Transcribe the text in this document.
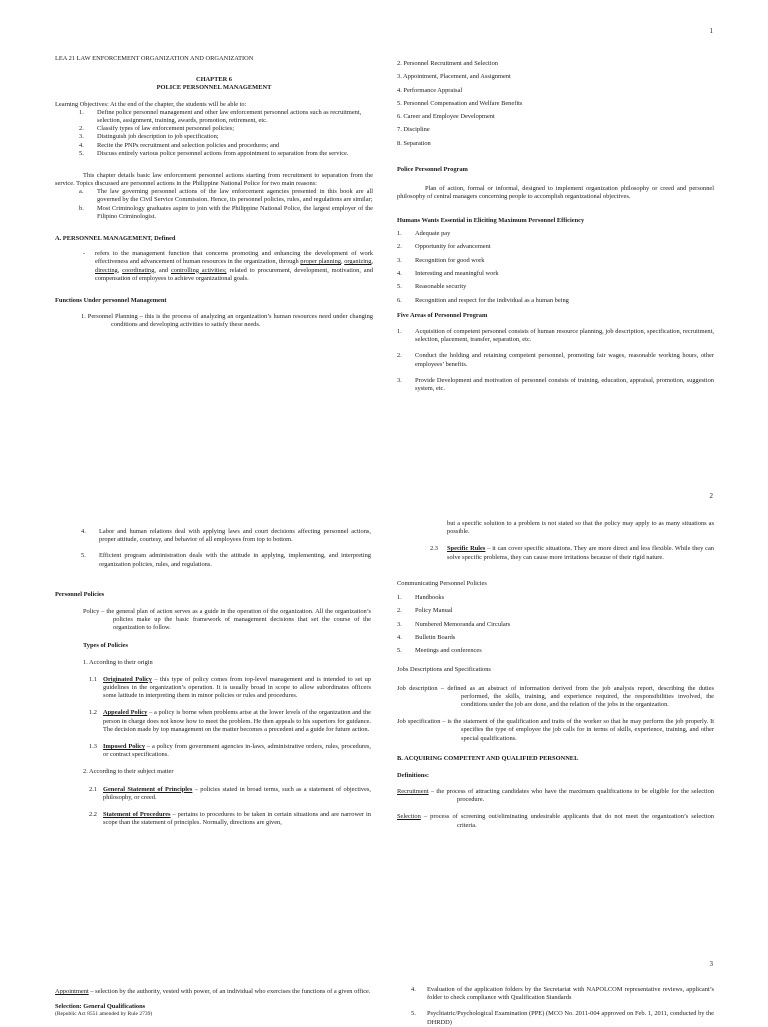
1

LEA 21 LAW ENFORCEMENT ORGANIZATION AND ORGANIZATION

CHAPTER 6

POLICE PERSONNEL MANAGEMENT

Learning Objectives: At the end of the chapter, the students will be able to:

1. Define police personnel management and other law enforcement personnel actions such as recruitment, selection, assignment, training, awards, promotion, retirement, etc.
2. Classify types of law enforcement personnel policies;
3. Distinguish job description to job specification;
4. Recite the PNPs recruitment and selection policies and procedures; and
5. Discuss entirely various police personnel actions from appointment to separation from the service.

This chapter details basic law enforcement personnel actions starting from recruitment to separation from the service. Topics discussed are personnel actions in the Philippine National Police for two main reasons:

a. The law governing personnel actions of the law enforcement agencies presented in this book are all governed by the Civil Service Commission. Hence, its personnel policies, rules, and regulations are similar;
b. Most Criminology graduates aspire to join with the Philippine National Police, the largest employer of the Filipino Criminologist.

A. PERSONNEL MANAGEMENT, Defined

- refers to the management function that concerns promoting and enhancing the development of work effectiveness and advancement of human resources in the organization, through proper planning, organizing, directing, coordinating, and controlling activities; related to procurement, development, motivation, and compensation of employees to achieve organizational goals.

Functions Under personnel Management

1. Personnel Planning – this is the process of analyzing an organization’s human resources need under changing conditions and developing activities to satisfy these needs.

2. Personnel Recruitment and Selection

3. Appointment, Placement, and Assignment

4. Performance Appraisal

5. Personnel Compensation and Welfare Benefits

6. Career and Employee Development

7. Discipline

8. Separation

Police Personnel Program

Plan of action, formal or informal, designed to implement organization philosophy or creed and personnel philosophy of central managers concerning people to accomplish organizational objectives.

Humans Wants Essential in Eliciting Maximum Personnel Efficiency

1. Adequate pay
2. Opportunity for advancement
3. Recognition for good work
4. Interesting and meaningful work
5. Reasonable security
6. Recognition and respect for the individual as a human being

Five Areas of Personnel Program

1. Acquisition of competent personnel consists of human resource planning, job description, specification, recruitment, selection, placement, transfer, separation, etc.
2. Conduct the holding and retaining competent personnel, promoting fair wages, reasonable working hours, other employees’ benefits.
3. Provide Development and motivation of personnel consists of training, education, appraisal, promotion, suggestion system, etc.
2
4. Labor and human relations deal with applying laws and court decisions affecting personnel actions, proper attitude, courtesy, and behavior of all employees from top to bottom.
5. Efficient program administration deals with the attitude in applying, implementing, and interpreting organization policies, rules, and regulations.

Personnel Policies

Policy – the general plan of action serves as a guide in the operation of the organization. All the organization’s policies make up the basic framework of management decisions that set the course of the organization to follow.

Types of Policies

1. According to their origin

1.1 Originated Policy – this type of policy comes from top-level management and is intended to set up guidelines in the organization’s operation. It is usually broad in scope to allow subordinates officers some latitude in interpreting them in minor policies or rules and procedures.
1.2 Appealed Policy – a policy is borne when problems arise at the lower levels of the organization and the person in charge does not know how to meet the problem. He then appeals to his superiors for guidance. The decision made by top management on the matter becomes a precedent and a guide for future action.
1.3 Imposed Policy – a policy from government agencies in-laws, administrative orders, rules, procedures, or contract specifications.

2. According to their subject matter

2.1 General Statement of Principles – policies stated in broad terms, such as a statement of objectives, philosophy, or creed.
2.2 Statement of Procedures – pertains to procedures to be taken in certain situations and are narrower in scope than the statement of principles. Normally, directions are given,

but a specific solution to a problem is not stated so that the policy may apply to as many situations as possible.

2.3 Specific Rules – it can cover specific situations. They are more direct and less flexible. While they can solve specific problems, they can cause more irritations because of their rigid nature.

Communicating Personnel Policies

1. Handbooks
2. Policy Manual
3. Numbered Memoranda and Circulars
4. Bulletin Boards
5. Meetings and conferences

Jobs Descriptions and Specifications

Job description – defined as an abstract of information derived from the job analysis report, describing the duties performed, the skills, training, and experience required, the responsibilities involved, the conditions under the job are done, and the relation of the jobs in the organization.

Job specification – is the statement of the qualification and traits of the worker so that he may perform the job properly. It specifies the type of employee the job calls for in terms of skills, experience, training, and other special qualifications.

B. ACQUIRING COMPETENT AND QUALIFIED PERSONNEL

Definitions:

Recruitment – the process of attracting candidates who have the maximum qualifications to be eligible for the selection procedure.

Selection – process of screening out/eliminating undesirable applicants that do not meet the organization’s selection criteria.

3

Appointment – selection by the authority, vested with power, of an individual who exercises the functions of a given office.

Selection: General Qualifications

(Republic Act 8551 amended by Rule 2739)

4. Evaluation of the application folders by the Secretariat with NAPOLCOM representative reviews, applicant’s folder to check compliance with Qualification Standards
5. Psychiatric/Psychological Examination (PPE) (MCO No. 2011-004 approved on Feb. 1, 2011, conducted by the DHRDD)
